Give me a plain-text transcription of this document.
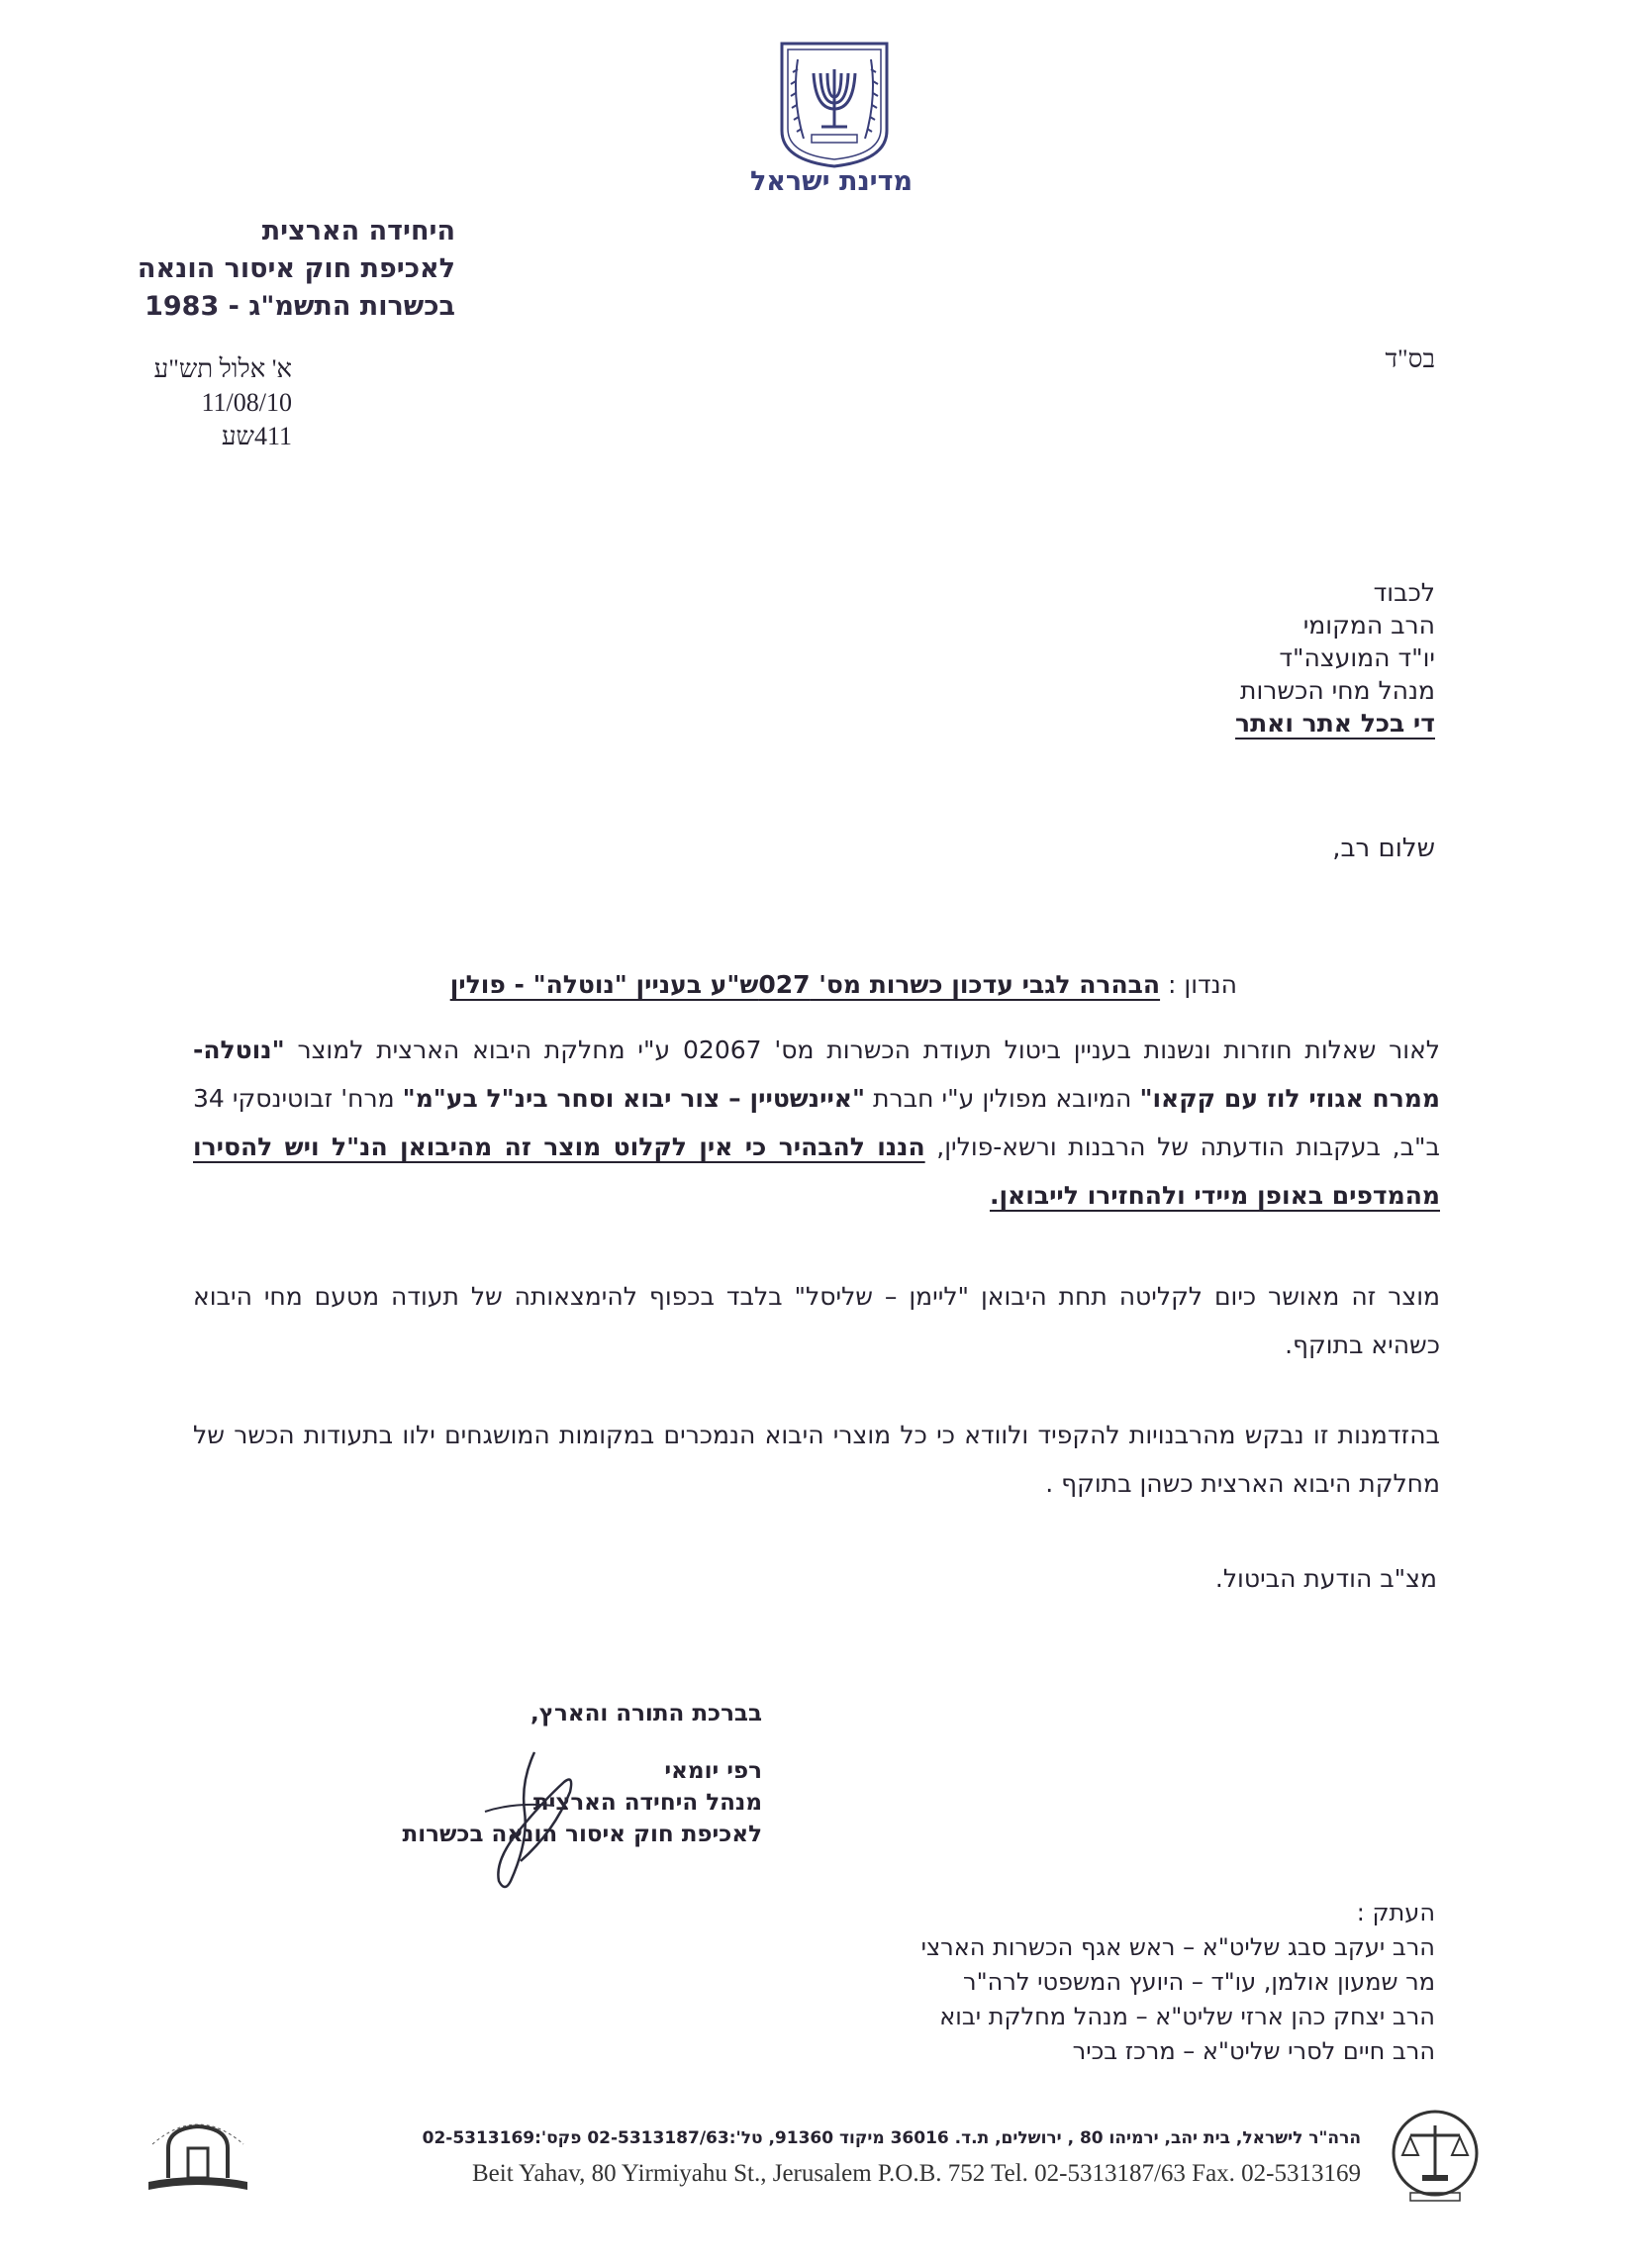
מדינת ישראל
היחידה הארצית
לאכיפת חוק איסור הונאה
בכשרות התשמ"ג - 1983
א' אלול תש"ע
11/08/10
411שע
בס"ד
לכבוד
הרב המקומי
יו"ד המועצה"ד
מנהל מחי הכשרות
די בכל אתר ואתר
שלום רב,
הנדון : הבהרה לגבי עדכון כשרות מס' 027ש"ע בעניין "נוטלה" - פולין
לאור שאלות חוזרות ונשנות בעניין ביטול תעודת הכשרות מס' 02067 ע"י מחלקת היבוא הארצית למוצר "נוטלה- ממרח אגוזי לוז עם קקאו" המיובא מפולין ע"י חברת "איינשטיין – צור יבוא וסחר בינ"ל בע"מ" מרח' זבוטינסקי 34 ב"ב, בעקבות הודעתה של הרבנות ורשא-פולין, הננו להבהיר כי אין לקלוט מוצר זה מהיבואן הנ"ל ויש להסירו מהמדפים באופן מיידי ולהחזירו לייבואן.
מוצר זה מאושר כיום לקליטה תחת היבואן "ליימן – שליסל" בלבד בכפוף להימצאותה של תעודה מטעם מחי היבוא כשהיא בתוקף.
בהזדמנות זו נבקש מהרבנויות להקפיד ולוודא כי כל מוצרי היבוא הנמכרים במקומות המושגחים ילוו בתעודות הכשר של מחלקת היבוא הארצית כשהן בתוקף .
מצ"ב הודעת הביטול.
בברכת התורה והארץ,
רפי יומאי
מנהל היחידה הארצית
לאכיפת חוק איסור הונאה בכשרות
העתק :
הרב יעקב סבג שליט"א – ראש אגף הכשרות הארצי
מר שמעון אולמן, עו"ד – היועץ המשפטי לרה"ר
הרב יצחק כהן ארזי שליט"א – מנהל מחלקת יבוא
הרב חיים לסרי שליט"א – מרכז בכיר
הרה"ר לישראל, בית יהב, ירמיהו 80 , ירושלים, ת.ד. 36016 מיקוד 91360, טל':02-5313187/63 פקס':02-5313169
Beit Yahav, 80 Yirmiyahu St., Jerusalem P.O.B. 752 Tel. 02-5313187/63 Fax. 02-5313169
